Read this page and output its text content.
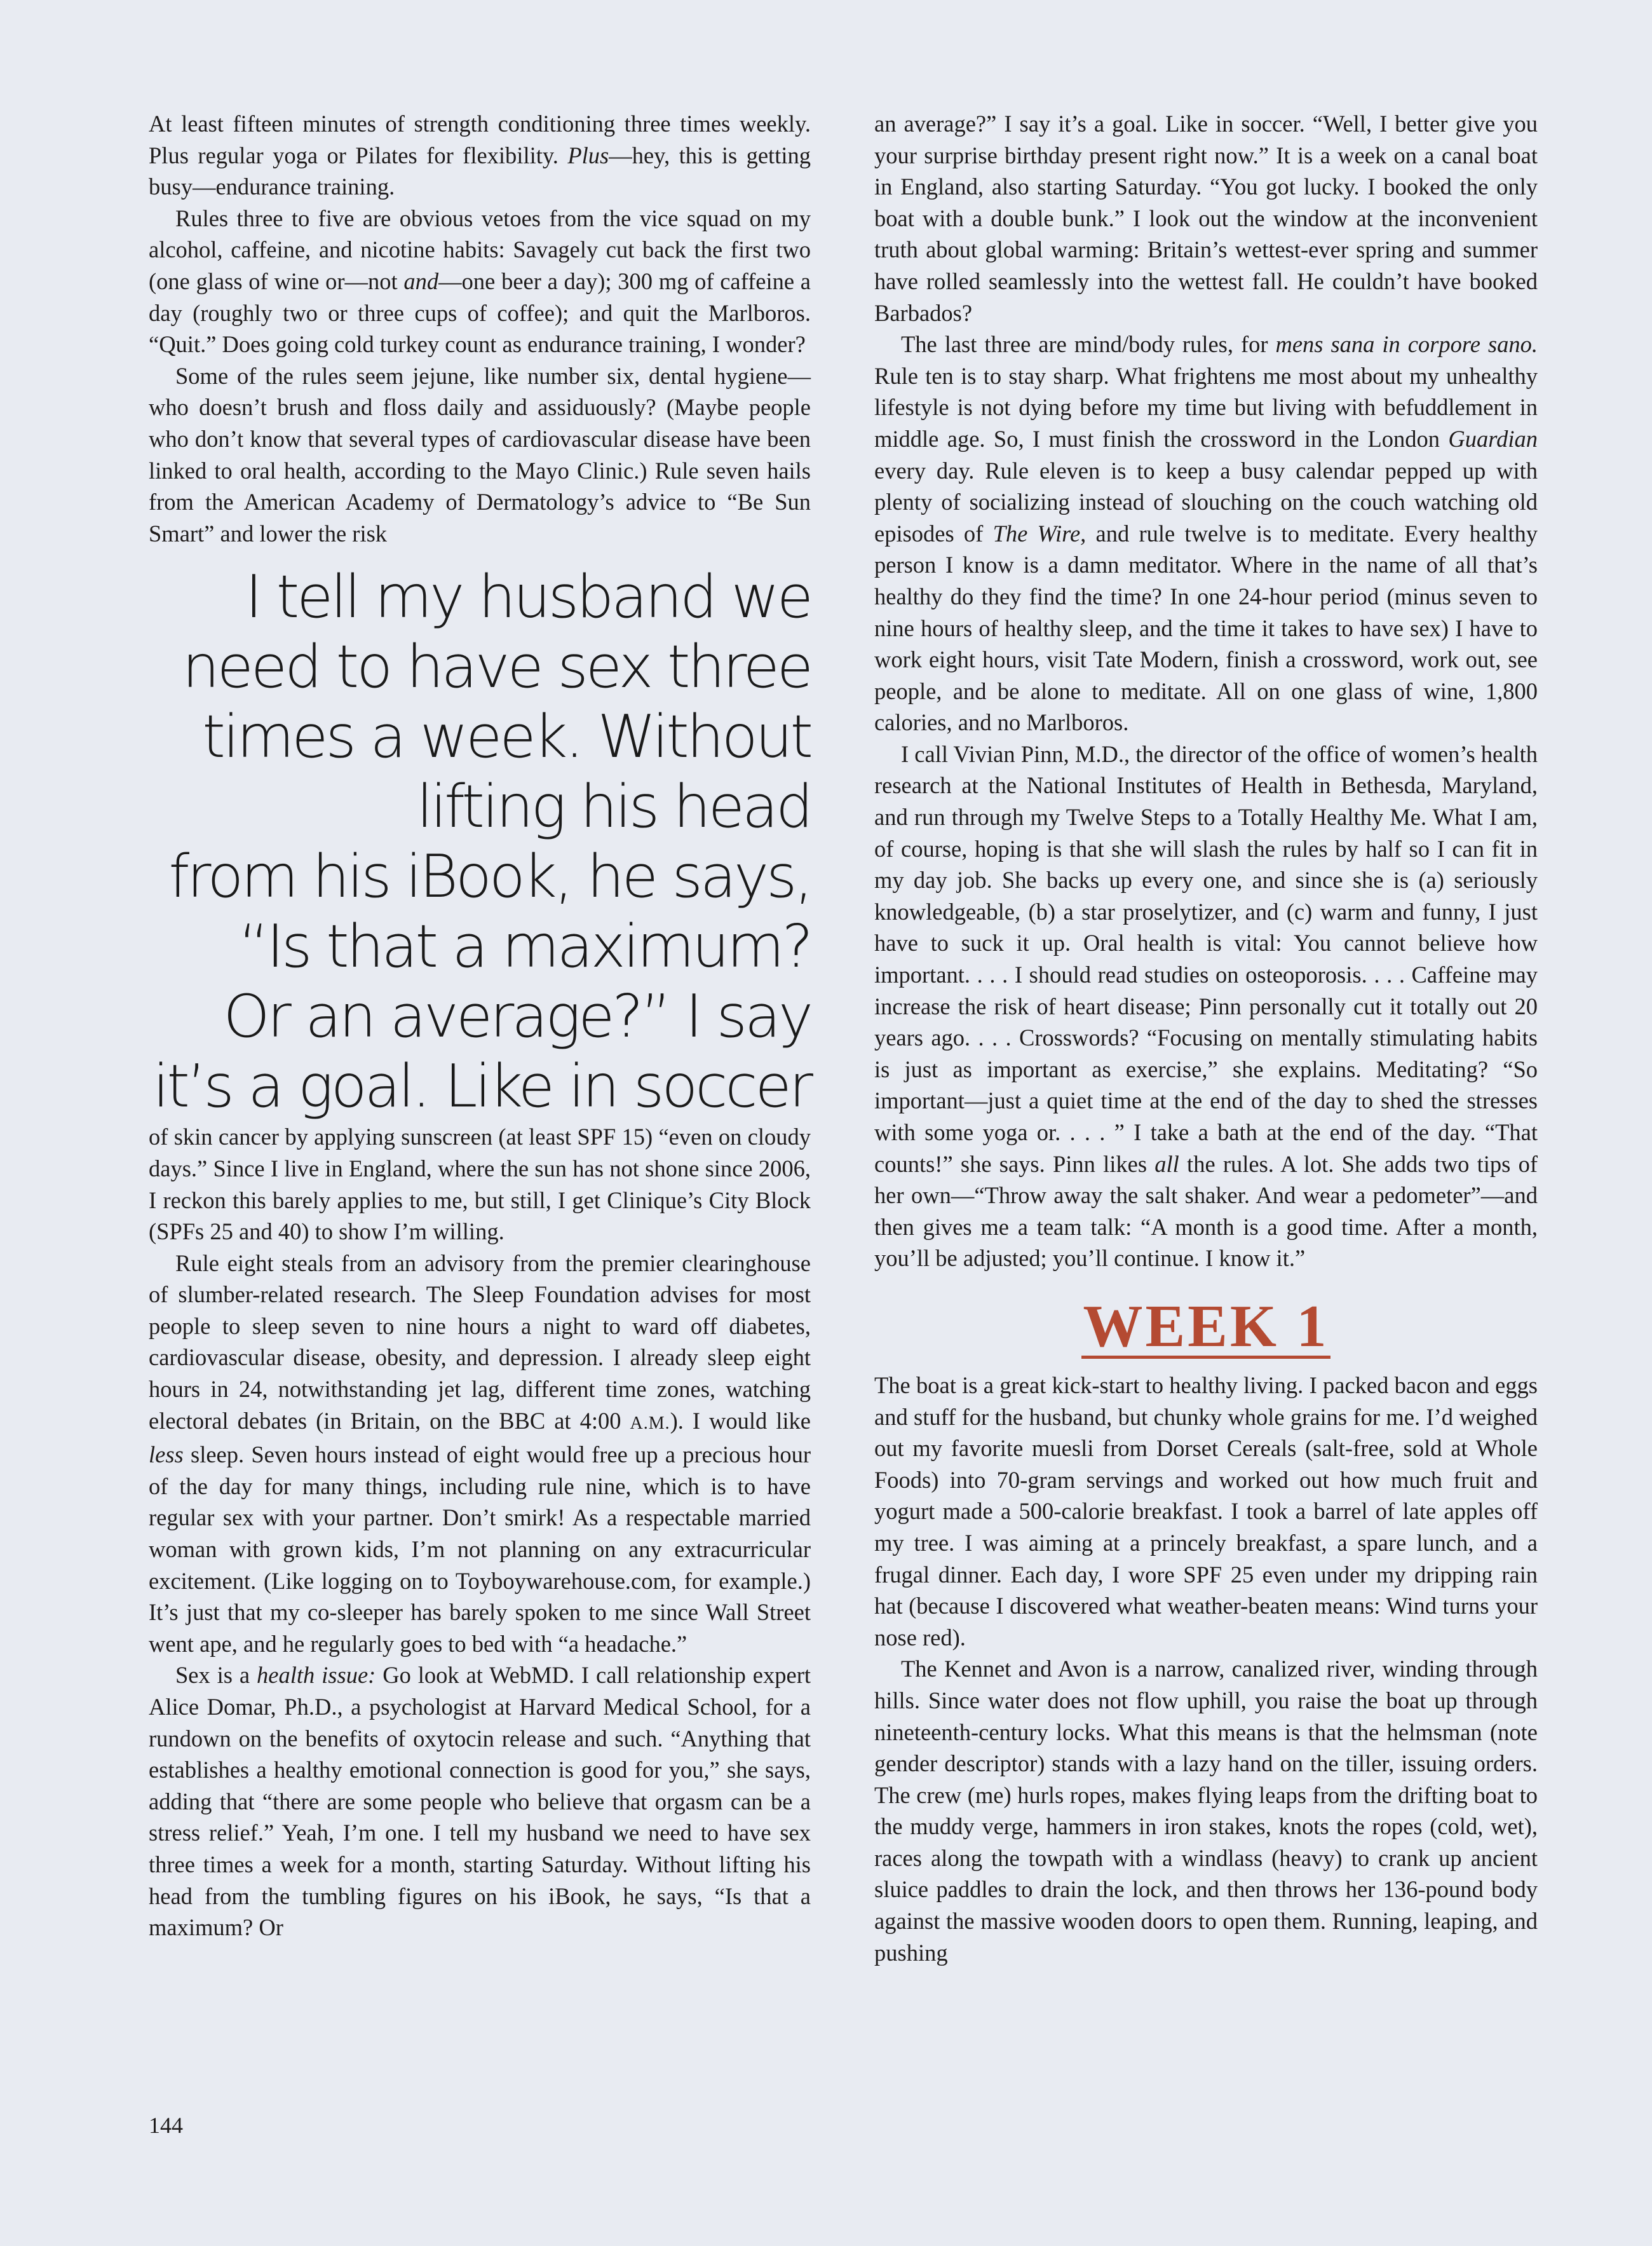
At least fifteen minutes of strength conditioning three times weekly. Plus regular yoga or Pilates for flexibility. Plus—hey, this is getting busy—endurance training.

Rules three to five are obvious vetoes from the vice squad on my alcohol, caffeine, and nicotine habits: Savagely cut back the first two (one glass of wine or—not and—one beer a day); 300 mg of caffeine a day (roughly two or three cups of coffee); and quit the Marlboros. “Quit.” Does going cold turkey count as endurance training, I wonder?

Some of the rules seem jejune, like number six, dental hygiene—who doesn’t brush and floss daily and assiduously? (Maybe people who don’t know that several types of cardiovascular disease have been linked to oral health, according to the Mayo Clinic.) Rule seven hails from the American Academy of Dermatology’s advice to “Be Sun Smart” and lower the risk

I tell my husband we
need to have sex three
times a week. Without
lifting his head
from his iBook, he says,
“Is that a maximum?
Or an average?” I say
it’s a goal. Like in soccer

of skin cancer by applying sunscreen (at least SPF 15) “even on cloudy days.” Since I live in England, where the sun has not shone since 2006, I reckon this barely applies to me, but still, I get Clinique’s City Block (SPFs 25 and 40) to show I’m willing.

Rule eight steals from an advisory from the premier clearinghouse of slumber-related research. The Sleep Foundation advises for most people to sleep seven to nine hours a night to ward off diabetes, cardiovascular disease, obesity, and depression. I already sleep eight hours in 24, notwithstanding jet lag, different time zones, watching electoral debates (in Britain, on the BBC at 4:00 A.M.). I would like less sleep. Seven hours instead of eight would free up a precious hour of the day for many things, including rule nine, which is to have regular sex with your partner. Don’t smirk! As a respectable married woman with grown kids, I’m not planning on any extracurricular excitement. (Like logging on to Toyboywarehouse.com, for example.) It’s just that my co-sleeper has barely spoken to me since Wall Street went ape, and he regularly goes to bed with “a headache.”

Sex is a health issue: Go look at WebMD. I call relationship expert Alice Domar, Ph.D., a psychologist at Harvard Medical School, for a rundown on the benefits of oxytocin release and such. “Anything that establishes a healthy emotional connection is good for you,” she says, adding that “there are some people who believe that orgasm can be a stress relief.” Yeah, I’m one. I tell my husband we need to have sex three times a week for a month, starting Saturday. Without lifting his head from the tumbling figures on his iBook, he says, “Is that a maximum? Or

an average?” I say it’s a goal. Like in soccer. “Well, I better give you your surprise birthday present right now.” It is a week on a canal boat in England, also starting Saturday. “You got lucky. I booked the only boat with a double bunk.” I look out the window at the inconvenient truth about global warming: Britain’s wettest-ever spring and summer have rolled seamlessly into the wettest fall. He couldn’t have booked Barbados?

The last three are mind/body rules, for mens sana in corpore sano. Rule ten is to stay sharp. What frightens me most about my unhealthy lifestyle is not dying before my time but living with befuddlement in middle age. So, I must finish the crossword in the London Guardian every day. Rule eleven is to keep a busy calendar pepped up with plenty of socializing instead of slouching on the couch watching old episodes of The Wire, and rule twelve is to meditate. Every healthy person I know is a damn meditator. Where in the name of all that’s healthy do they find the time? In one 24-hour period (minus seven to nine hours of healthy sleep, and the time it takes to have sex) I have to work eight hours, visit Tate Modern, finish a crossword, work out, see people, and be alone to meditate. All on one glass of wine, 1,800 calories, and no Marlboros.

I call Vivian Pinn, M.D., the director of the office of women’s health research at the National Institutes of Health in Bethesda, Maryland, and run through my Twelve Steps to a Totally Healthy Me. What I am, of course, hoping is that she will slash the rules by half so I can fit in my day job. She backs up every one, and since she is (a) seriously knowledgeable, (b) a star proselytizer, and (c) warm and funny, I just have to suck it up. Oral health is vital: You cannot believe how important. . . . I should read studies on osteoporosis. . . . Caffeine may increase the risk of heart disease; Pinn personally cut it totally out 20 years ago. . . . Crosswords? “Focusing on mentally stimulating habits is just as important as exercise,” she explains. Meditating? “So important—just a quiet time at the end of the day to shed the stresses with some yoga or. . . . ” I take a bath at the end of the day. “That counts!” she says. Pinn likes all the rules. A lot. She adds two tips of her own—“Throw away the salt shaker. And wear a pedometer”—and then gives me a team talk: “A month is a good time. After a month, you’ll be adjusted; you’ll continue. I know it.”

WEEK 1

The boat is a great kick-start to healthy living. I packed bacon and eggs and stuff for the husband, but chunky whole grains for me. I’d weighed out my favorite muesli from Dorset Cereals (salt-free, sold at Whole Foods) into 70-gram servings and worked out how much fruit and yogurt made a 500-calorie breakfast. I took a barrel of late apples off my tree. I was aiming at a princely breakfast, a spare lunch, and a frugal dinner. Each day, I wore SPF 25 even under my dripping rain hat (because I discovered what weather-beaten means: Wind turns your nose red).

The Kennet and Avon is a narrow, canalized river, winding through hills. Since water does not flow uphill, you raise the boat up through nineteenth-century locks. What this means is that the helmsman (note gender descriptor) stands with a lazy hand on the tiller, issuing orders. The crew (me) hurls ropes, makes flying leaps from the drifting boat to the muddy verge, hammers in iron stakes, knots the ropes (cold, wet), races along the towpath with a windlass (heavy) to crank up ancient sluice paddles to drain the lock, and then throws her 136-pound body against the massive wooden doors to open them. Running, leaping, and pushing

144
